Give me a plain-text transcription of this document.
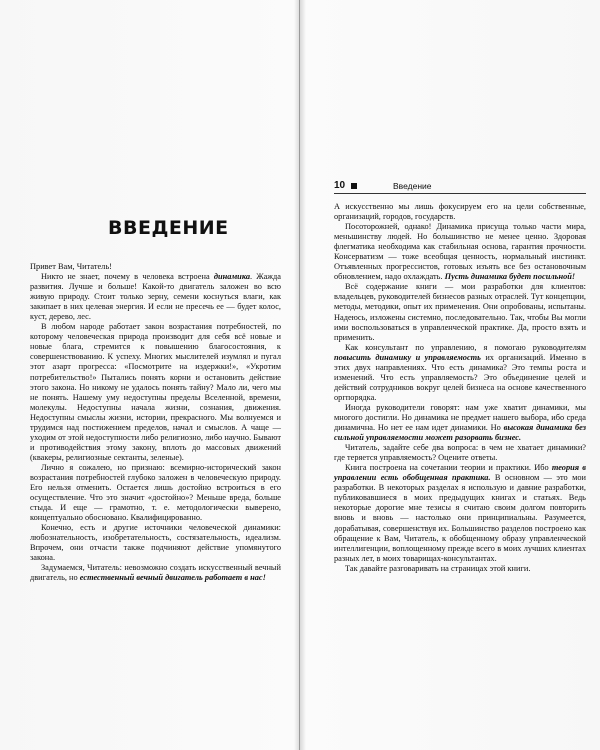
ВВЕДЕНИЕ

Привет Вам, Читатель!

Никто не знает, почему в человека встроена динамика. Жажда развития. Лучше и больше! Какой-то двигатель заложен во всю живую природу. Стоит только зерну, семени коснуться влаги, как закипает в них целевая энергия. И если не пресечь ее — будет колос, куст, дерево, лес.

В любом народе работает закон возрастания потребностей, по которому человеческая природа производит для себя всё новые и новые блага, стремится к повышению благосостояния, к совершенствованию. К успеху. Многих мыслителей изумлял и пугал этот азарт прогресса: «Посмотрите на издержки!», «Укротим потребительство!» Пытались понять корни и остановить действие этого закона. Но никому не удалось понять тайну? Мало ли, чего мы не понять. Нашему уму недоступны пределы Вселенной, времени, молекулы. Недоступны начала жизни, сознания, движения. Недоступны смыслы жизни, истории, прекрасного. Мы волнуемся и трудимся над постижением пределов, начал и смыслов. А чаще — уходим от этой недоступности либо религиозно, либо научно. Бывают и противодействия этому закону, вплоть до массовых движений (квакеры, религиозные сектанты, зеленые).

Лично я сожалею, но признаю: всемирно-исторический закон возрастания потребностей глубоко заложен в человеческую природу. Его нельзя отменить. Остается лишь достойно встроиться в его осуществление. Что это значит «достойно»? Меньше вреда, больше стыда. И еще — грамотно, т. е. методологически выверено, концептуально обосновано. Квалифицированно.

Конечно, есть и другие источники человеческой динамики: любознательность, изобретательность, состязательность, идеализм. Впрочем, они отчасти также подчиняют действие упомянутого закона.

Задумаемся, Читатель: невозможно создать искусственный вечный двигатель, но естественный вечный двигатель работает в нас!

10	Введение

А искусственно мы лишь фокусируем его на цели собственные, организаций, городов, государств.

Посоторожней, однако! Динамика присуща только части мира, меньшинству людей. Но большинство не менее ценно. Здоровая флегматика необходима как стабильная основа, гарантия прочности. Консерватизм — тоже всеобщая ценность, нормальный инстинкт. Отъявленных прогрессистов, готовых изъять все без остановочным обновлением, надо охлаждать. Пусть динамика будет посильной!

Всё содержание книги — мои разработки для клиентов: владельцев, руководителей бизнесов разных отраслей. Тут концепции, методы, методики, опыт их применения. Они опробованы, испытаны. Надеюсь, изложены системно, последовательно. Так, чтобы Вы могли ими воспользоваться в управленческой практике. Да, просто взять и применить.

Как консультант по управлению, я помогаю руководителям повысить динамику и управляемость их организаций. Именно в этих двух направлениях. Что есть динамика? Это темпы роста и изменений. Что есть управляемость? Это объединение целей и действий сотрудников вокруг целей бизнеса на основе качественного оргпорядка.

Иногда руководители говорят: нам уже хватит динамики, мы многого достигли. Но динамика не предмет нашего выбора, ибо среда динамична. Но нет ее нам идет динамики. Но высокая динамика без сильной управляемости может разорвать бизнес.

Читатель, задайте себе два вопроса: в чем не хватает динамики? где теряется управляемость? Оцените ответы.

Книга построена на сочетании теории и практики. Ибо теория в управлении есть обобщенная практика. В основном — это мои разработки. В некоторых разделах я использую и давние разработки, публиковавшиеся в моих предыдущих книгах и статьях. Ведь некоторые дорогие мне тезисы я считаю своим долгом повторить вновь и вновь — настолько они принципиальны. Разумеется, дорабатывая, совершенствуя их. Большинство разделов построено как обращение к Вам, Читатель, к обобщенному образу управленческой интеллигенции, воплощенному прежде всего в моих лучших клиентах разных лет, в моих товарищах-консультантах.

Так давайте разговаривать на страницах этой книги.
